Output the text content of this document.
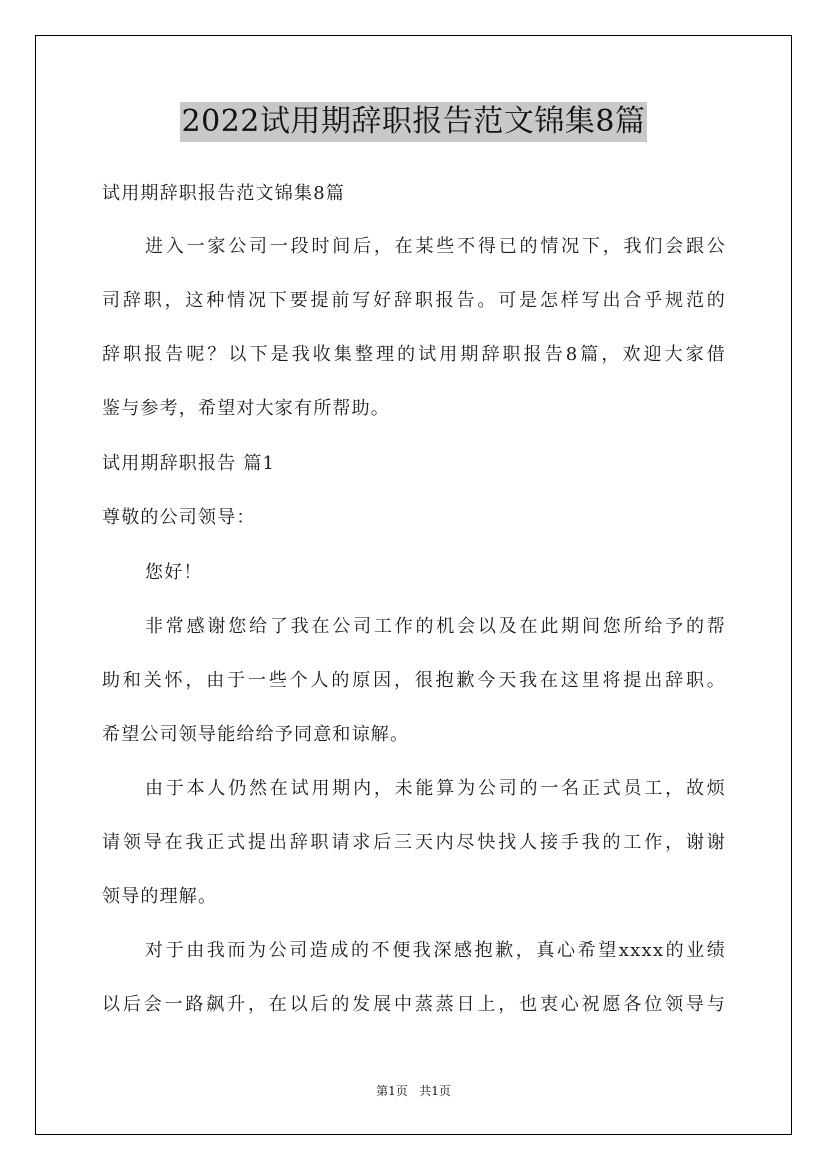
2022试用期辞职报告范文锦集8篇
试用期辞职报告范文锦集8篇
进入一家公司一段时间后，在某些不得已的情况下，我们会跟公
司辞职，这种情况下要提前写好辞职报告。可是怎样写出合乎规范的
辞职报告呢？以下是我收集整理的试用期辞职报告8篇，欢迎大家借
鉴与参考，希望对大家有所帮助。
试用期辞职报告 篇1
尊敬的公司领导：
您好！
非常感谢您给了我在公司工作的机会以及在此期间您所给予的帮
助和关怀，由于一些个人的原因，很抱歉今天我在这里将提出辞职。
希望公司领导能给给予同意和谅解。
由于本人仍然在试用期内，未能算为公司的一名正式员工，故烦
请领导在我正式提出辞职请求后三天内尽快找人接手我的工作，谢谢
领导的理解。
对于由我而为公司造成的不便我深感抱歉，真心希望xxxx的业绩
以后会一路飙升，在以后的发展中蒸蒸日上，也衷心祝愿各位领导与
第1页 共1页
